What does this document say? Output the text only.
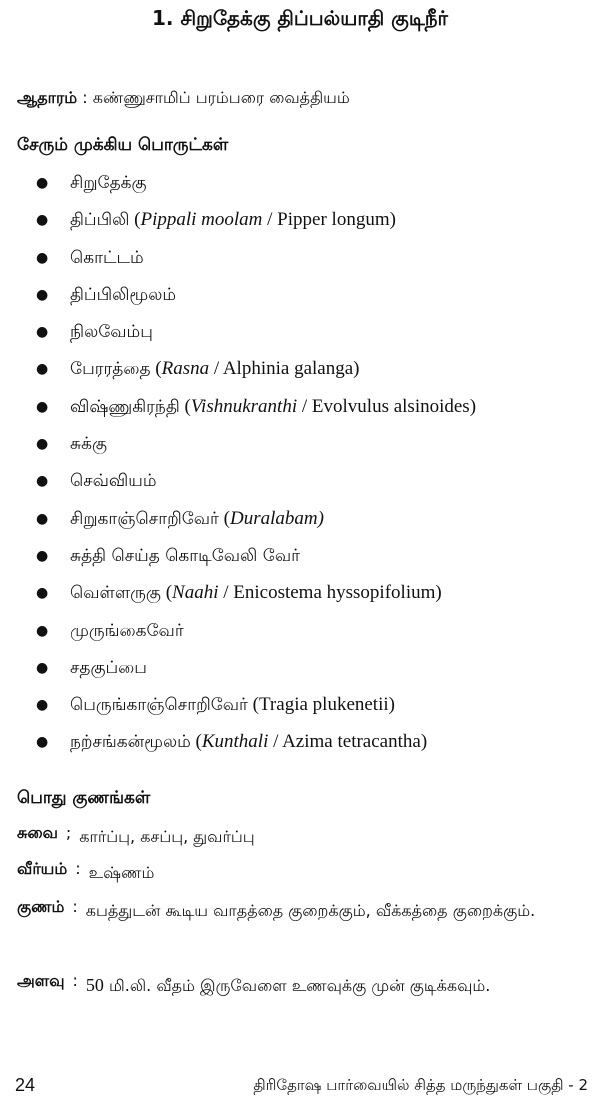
1. சிறுதேக்கு திப்பல்யாதி குடிநீர்
ஆதாரம் : கண்ணுசாமிப் பரம்பரை வைத்தியம்
சேரும் முக்கிய பொருட்கள்
● சிறுதேக்கு
● திப்பிலி (Pippali moolam / Pipper longum)
● கொட்டம்
● திப்பிலிமூலம்
● நிலவேம்பு
● பேரரத்தை (Rasna / Alphinia galanga)
● விஷ்ணுகிரந்தி (Vishnukranthi / Evolvulus alsinoides)
● சுக்கு
● செவ்வியம்
● சிறுகாஞ்சொறிவேர் (Duralabam)
● சுத்தி செய்த கொடிவேலி வேர்
● வெள்ளருகு (Naahi / Enicostema hyssopifolium)
● முருங்கைவேர்
● சதகுப்பை
● பெருங்காஞ்சொறிவேர் (Tragia plukenetii)
● நற்சங்கன்மூலம் (Kunthali / Azima tetracantha)
பொது குணங்கள்
சுவை ; கார்ப்பு, கசப்பு, துவர்ப்பு
வீர்யம் : உஷ்ணம்
குணம் : கபத்துடன் கூடிய வாதத்தை குறைக்கும், வீக்கத்தை குறைக்கும்.
அளவு : 50 மி.லி. வீதம் இருவேளை உணவுக்கு முன் குடிக்கவும்.
24	திரிதோஷ பார்வையில் சித்த மருந்துகள் பகுதி - 2
